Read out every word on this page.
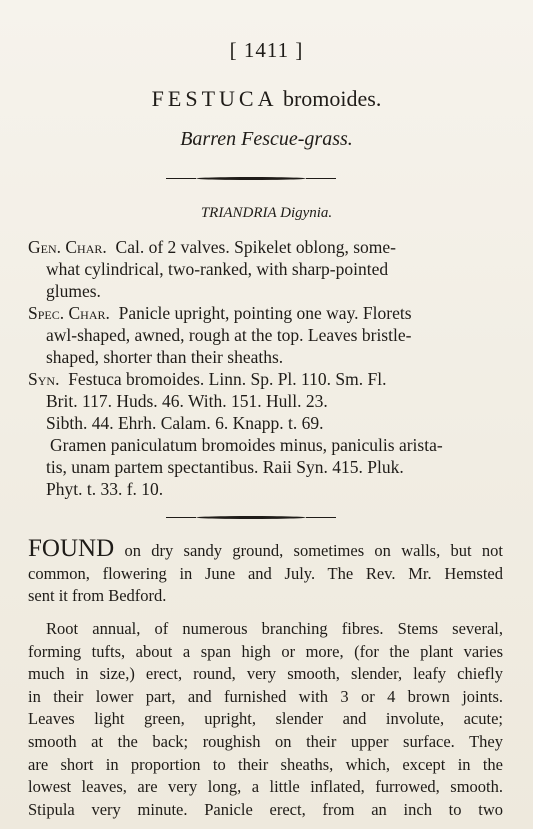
[ 1411 ]
FESTUCA bromoides.
Barren Fescue-grass.
TRIANDRIA Digynia.
Gen. Char. Cal. of 2 valves. Spikelet oblong, some-
what cylindrical, two-ranked, with sharp-pointed
glumes.
Spec. Char. Panicle upright, pointing one way. Florets
awl-shaped, awned, rough at the top. Leaves bristle-
shaped, shorter than their sheaths.
Syn. Festuca bromoides. Linn. Sp. Pl. 110. Sm. Fl.
Brit. 117. Huds. 46. With. 151. Hull. 23.
Sibth. 44. Ehrh. Calam. 6. Knapp. t. 69.
Gramen paniculatum bromoides minus, paniculis arista-
tis, unam partem spectantibus. Raii Syn. 415. Pluk.
Phyt. t. 33. f. 10.
FOUND on dry sandy ground, sometimes on walls, but not
common, flowering in June and July. The Rev. Mr. Hemsted
sent it from Bedford.
Root annual, of numerous branching fibres. Stems several,
forming tufts, about a span high or more, (for the plant varies
much in size,) erect, round, very smooth, slender, leafy chiefly
in their lower part, and furnished with 3 or 4 brown joints.
Leaves light green, upright, slender and involute, acute;
smooth at the back; roughish on their upper surface. They
are short in proportion to their sheaths, which, except in the
lowest leaves, are very long, a little inflated, furrowed, smooth.
Stipula very minute. Panicle erect, from an inch to two
